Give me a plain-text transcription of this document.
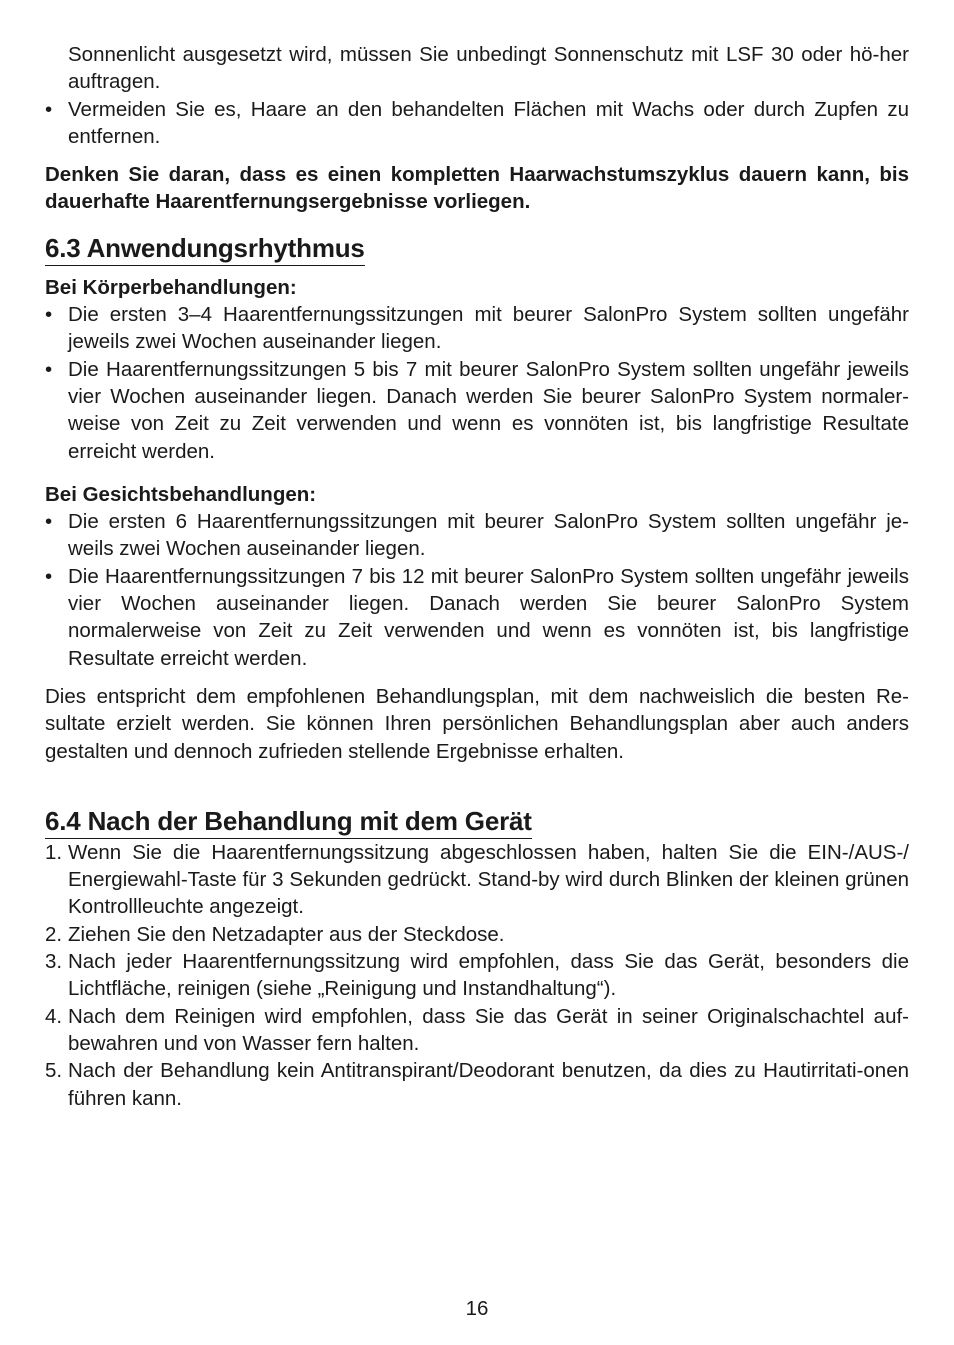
Sonnenlicht ausgesetzt wird, müssen Sie unbedingt Sonnenschutz mit LSF 30 oder hö-her auftragen.

• Vermeiden Sie es, Haare an den behandelten Flächen mit Wachs oder durch Zupfen zu entfernen.

Denken Sie daran, dass es einen kompletten Haarwachstumszyklus dauern kann, bis dauerhafte Haarentfernungsergebnisse vorliegen.

6.3 Anwendungsrhythmus

Bei Körperbehandlungen:

• Die ersten 3–4 Haarentfernungssitzungen mit beurer SalonPro System sollten ungefähr jeweils zwei Wochen auseinander liegen.
• Die Haarentfernungssitzungen 5 bis 7 mit beurer SalonPro System sollten ungefähr jeweils vier Wochen auseinander liegen. Danach werden Sie beurer SalonPro System normaler-weise von Zeit zu Zeit verwenden und wenn es vonnöten ist, bis langfristige Resultate erreicht werden.

Bei Gesichtsbehandlungen:

• Die ersten 6 Haarentfernungssitzungen mit beurer SalonPro System sollten ungefähr je-weils zwei Wochen auseinander liegen.
• Die Haarentfernungssitzungen 7 bis 12 mit beurer SalonPro System sollten ungefähr jeweils vier Wochen auseinander liegen. Danach werden Sie beurer SalonPro System normalerweise von Zeit zu Zeit verwenden und wenn es vonnöten ist, bis langfristige Resultate erreicht werden.

Dies entspricht dem empfohlenen Behandlungsplan, mit dem nachweislich die besten Re-sultate erzielt werden. Sie können Ihren persönlichen Behandlungsplan aber auch anders gestalten und dennoch zufrieden stellende Ergebnisse erhalten.

6.4 Nach der Behandlung mit dem Gerät
1. Wenn Sie die Haarentfernungssitzung abgeschlossen haben, halten Sie die EIN-/AUS-/ Energiewahl-Taste für 3 Sekunden gedrückt. Stand-by wird durch Blinken der kleinen grünen Kontrollleuchte angezeigt.
2. Ziehen Sie den Netzadapter aus der Steckdose.
3. Nach jeder Haarentfernungssitzung wird empfohlen, dass Sie das Gerät, besonders die Lichtfläche, reinigen (siehe „Reinigung und Instandhaltung“).
4. Nach dem Reinigen wird empfohlen, dass Sie das Gerät in seiner Originalschachtel auf-bewahren und von Wasser fern halten.
5. Nach der Behandlung kein Antitranspirant/Deodorant benutzen, da dies zu Hautirritati-onen führen kann.
16
